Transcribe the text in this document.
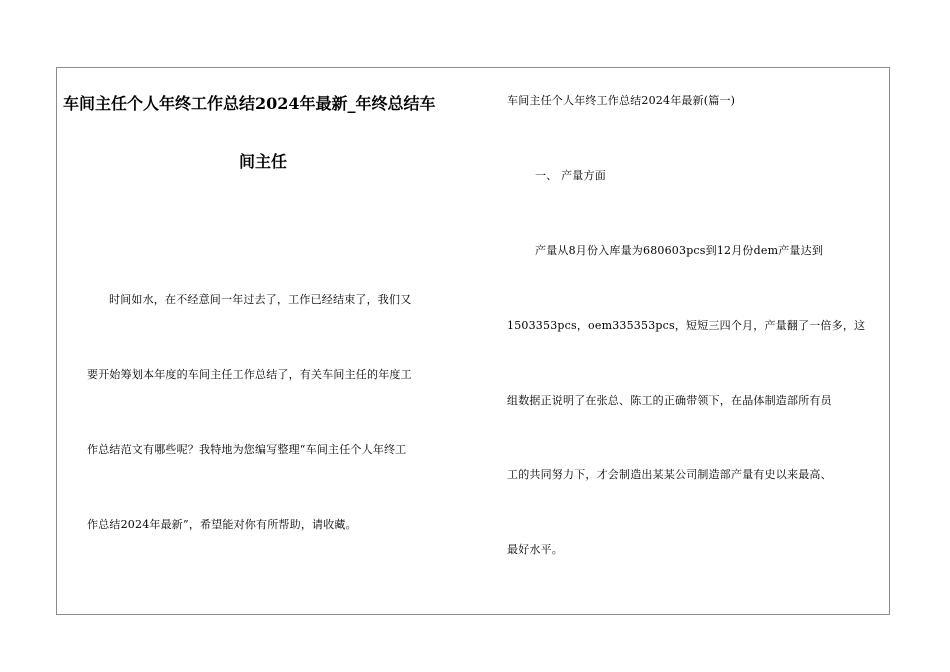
车间主任个人年终工作总结2024年最新_年终总结车
间主任
时间如水，在不经意间一年过去了，工作已经结束了，我们又
要开始筹划本年度的车间主任工作总结了，有关车间主任的年度工
作总结范文有哪些呢？我特地为您编写整理“车间主任个人年终工
作总结2024年最新”，希望能对你有所帮助，请收藏。
车间主任个人年终工作总结2024年最新(篇一)
一、 产量方面
产量从8月份入库量为680603pcs到12月份dem产量达到
1503353pcs，oem335353pcs，短短三四个月，产量翻了一倍多，这
组数据正说明了在张总、陈工的正确带领下，在晶体制造部所有员
工的共同努力下，才会制造出某某公司制造部产量有史以来最高、
最好水平。
